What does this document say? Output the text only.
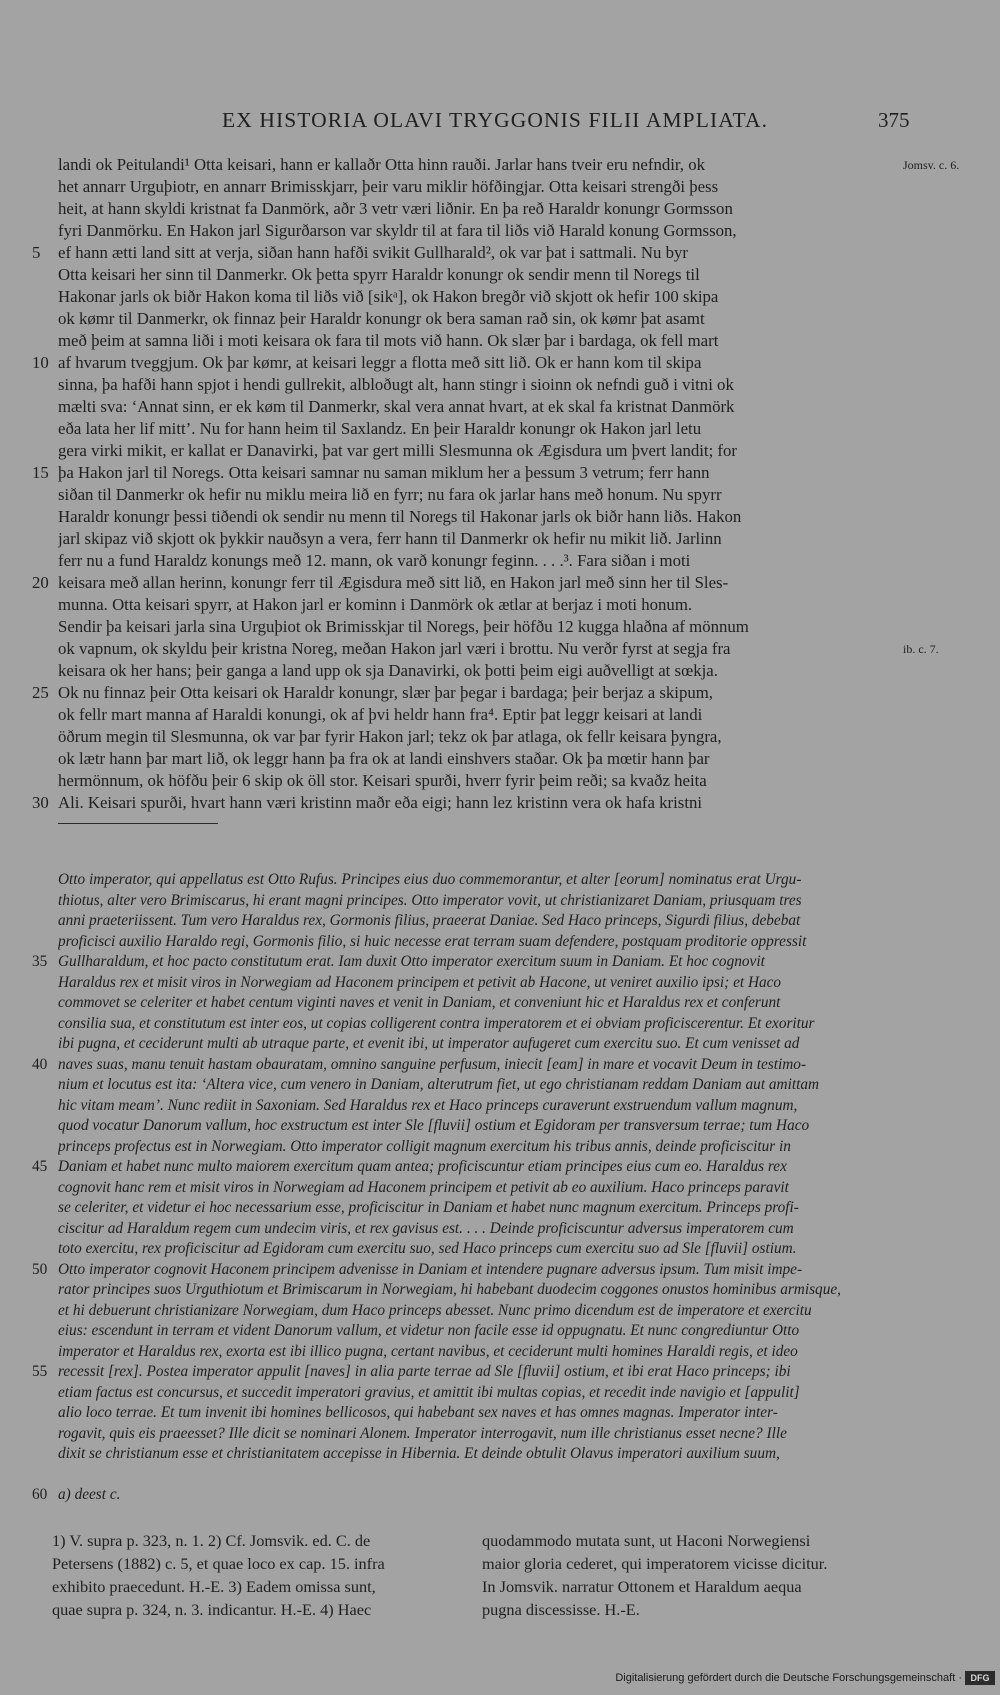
EX HISTORIA OLAVI TRYGGONIS FILII AMPLIATA.	375
landi ok Peitulandi¹ Otta keisari, hann er kallaðr Otta hinn rauði. Jarlar hans tveir eru nefndir, ok	Jomsv. c. 6.
het annarr Urguþiotr, en annarr Brimisskjarr, þeir varu miklir höfðingjar. Otta keisari strengði þess
heit, at hann skyldi kristnat fa Danmörk, aðr 3 vetr væri liðnir. En þa reð Haraldr konungr Gormsson
fyri Danmörku. En Hakon jarl Sigurðarson var skyldr til at fara til liðs við Harald konung Gormsson,
5	ef hann ætti land sitt at verja, siðan hann hafði svikit Gullharald², ok var þat i sattmali. Nu byr
Otta keisari her sinn til Danmerkr. Ok þetta spyrr Haraldr konungr ok sendir menn til Noregs til
Hakonar jarls ok biðr Hakon koma til liðs við [sikᵃ], ok Hakon bregðr við skjott ok hefir 100 skipa
ok kømr til Danmerkr, ok finnaz þeir Haraldr konungr ok bera saman rað sin, ok kømr þat asamt
með þeim at samna liði i moti keisara ok fara til mots við hann. Ok slær þar i bardaga, ok fell mart
10 af hvarum tveggjum. Ok þar kømr, at keisari leggr a flotta með sitt lið. Ok er hann kom til skipa
sinna, þa hafði hann spjot i hendi gullrekit, albloðugt alt, hann stingr i sioinn ok nefndi guð i vitni ok
mælti sva: ‘Annat sinn, er ek køm til Danmerkr, skal vera annat hvart, at ek skal fa kristnat Danmörk
eða lata her lif mitt’. Nu for hann heim til Saxlandz. En þeir Haraldr konungr ok Hakon jarl letu
gera virki mikit, er kallat er Danavirki, þat var gert milli Slesmunna ok Ægisdura um þvert landit; for
15 þa Hakon jarl til Noregs. Otta keisari samnar nu saman miklum her a þessum 3 vetrum; ferr hann
siðan til Danmerkr ok hefir nu miklu meira lið en fyrr; nu fara ok jarlar hans með honum. Nu spyrr
Haraldr konungr þessi tiðendi ok sendir nu menn til Noregs til Hakonar jarls ok biðr hann liðs. Hakon
jarl skipaz við skjott ok þykkir nauðsyn a vera, ferr hann til Danmerkr ok hefir nu mikit lið. Jarlinn
ferr nu a fund Haraldz konungs með 12. mann, ok varð konungr feginn. . . .³. Fara siðan i moti
20 keisara með allan herinn, konungr ferr til Ægisdura með sitt lið, en Hakon jarl með sinn her til Sles-
munna. Otta keisari spyrr, at Hakon jarl er kominn i Danmörk ok ætlar at berjaz i moti honum.
Sendir þa keisari jarla sina Urguþiot ok Brimisskjar til Noregs, þeir höfðu 12 kugga hlaðna af mönnum
ok vapnum, ok skyldu þeir kristna Noreg, meðan Hakon jarl væri i brottu. Nu verðr fyrst at segja fra	ib. c. 7.
keisara ok her hans; þeir ganga a land upp ok sja Danavirki, ok þotti þeim eigi auðvelligt at sœkja.
25 Ok nu finnaz þeir Otta keisari ok Haraldr konungr, slær þar þegar i bardaga; þeir berjaz a skipum,
ok fellr mart manna af Haraldi konungi, ok af þvi heldr hann fra⁴. Eptir þat leggr keisari at landi
öðrum megin til Slesmunna, ok var þar fyrir Hakon jarl; tekz ok þar atlaga, ok fellr keisara þyngra,
ok lætr hann þar mart lið, ok leggr hann þa fra ok at landi einshvers staðar. Ok þa mœtir hann þar
hermönnum, ok höfðu þeir 6 skip ok öll stor. Keisari spurði, hverr fyrir þeim reði; sa kvaðz heita
30 Ali. Keisari spurði, hvart hann væri kristinn maðr eða eigi; hann lez kristinn vera ok hafa kristni
Otto imperator, qui appellatus est Otto Rufus. Principes eius duo commemorantur, et alter [eorum] nominatus erat Urgu-
thiotus, alter vero Brimiscarus, hi erant magni principes. Otto imperator vovit, ut christianizaret Daniam, priusquam tres
anni praeteriissent. Tum vero Haraldus rex, Gormonis filius, praeerat Daniae. Sed Haco princeps, Sigurdi filius, debebat
proficisci auxilio Haraldo regi, Gormonis filio, si huic necesse erat terram suam defendere, postquam proditorie oppressit
35 Gullharaldum, et hoc pacto constitutum erat. Iam duxit Otto imperator exercitum suum in Daniam. Et hoc cognovit
Haraldus rex et misit viros in Norwegiam ad Haconem principem et petivit ab Hacone, ut veniret auxilio ipsi; et Haco
commovet se celeriter et habet centum viginti naves et venit in Daniam, et conveniunt hic et Haraldus rex et conferunt
consilia sua, et constitutum est inter eos, ut copias colligerent contra imperatorem et ei obviam proficiscerentur. Et exoritur
ibi pugna, et ceciderunt multi ab utraque parte, et evenit ibi, ut imperator aufugeret cum exercitu suo. Et cum venisset ad
40 naves suas, manu tenuit hastam obauratam, omnino sanguine perfusum, iniecit [eam] in mare et vocavit Deum in testimo-
nium et locutus est ita: ‘Altera vice, cum venero in Daniam, alterutrum fiet, ut ego christianam reddam Daniam aut amittam
hic vitam meam’. Nunc rediit in Saxoniam. Sed Haraldus rex et Haco princeps curaverunt exstruendum vallum magnum,
quod vocatur Danorum vallum, hoc exstructum est inter Sle [fluvii] ostium et Egidoram per transversum terrae; tum Haco
princeps profectus est in Norwegiam. Otto imperator colligit magnum exercitum his tribus annis, deinde proficiscitur in
45 Daniam et habet nunc multo maiorem exercitum quam antea; proficiscuntur etiam principes eius cum eo. Haraldus rex
cognovit hanc rem et misit viros in Norwegiam ad Haconem principem et petivit ab eo auxilium. Haco princeps paravit
se celeriter, et videtur ei hoc necessarium esse, proficiscitur in Daniam et habet nunc magnum exercitum. Princeps profi-
ciscitur ad Haraldum regem cum undecim viris, et rex gavisus est. . . . Deinde proficiscuntur adversus imperatorem cum
toto exercitu, rex proficiscitur ad Egidoram cum exercitu suo, sed Haco princeps cum exercitu suo ad Sle [fluvii] ostium.
50 Otto imperator cognovit Haconem principem advenisse in Daniam et intendere pugnare adversus ipsum. Tum misit impe-
rator principes suos Urguthiotum et Brimiscarum in Norwegiam, hi habebant duodecim coggones onustos hominibus armisque,
et hi debuerunt christianizare Norwegiam, dum Haco princeps abesset. Nunc primo dicendum est de imperatore et exercitu
eius: escendunt in terram et vident Danorum vallum, et videtur non facile esse id oppugnatu. Et nunc congrediuntur Otto
imperator et Haraldus rex, exorta est ibi illico pugna, certant navibus, et ceciderunt multi homines Haraldi regis, et ideo
55 recessit [rex]. Postea imperator appulit [naves] in alia parte terrae ad Sle [fluvii] ostium, et ibi erat Haco princeps; ibi
etiam factus est concursus, et succedit imperatori gravius, et amittit ibi multas copias, et recedit inde navigio et [appulit]
alio loco terrae. Et tum invenit ibi homines bellicosos, qui habebant sex naves et has omnes magnas. Imperator inter-
rogavit, quis eis praeesset? Ille dicit se nominari Alonem. Imperator interrogavit, num ille christianus esset necne? Ille
dixit se christianum esse et christianitatem accepisse in Hibernia. Et deinde obtulit Olavus imperatori auxilium suum,
60 a) deest c.
1) V. supra p. 323, n. 1. 2) Cf. Jomsvik. ed. C. de
Petersens (1882) c. 5, et quae loco ex cap. 15. infra
exhibito praecedunt. H.-E. 3) Eadem omissa sunt,
quae supra p. 324, n. 3. indicantur. H.-E. 4) Haec
quodammodo mutata sunt, ut Haconi Norwegiensi
maior gloria cederet, qui imperatorem vicisse dicitur.
In Jomsvik. narratur Ottonem et Haraldum aequa
pugna discessisse. H.-E.
Digitalisierung gefördert durch die Deutsche Forschungsgemeinschaft · DFG
